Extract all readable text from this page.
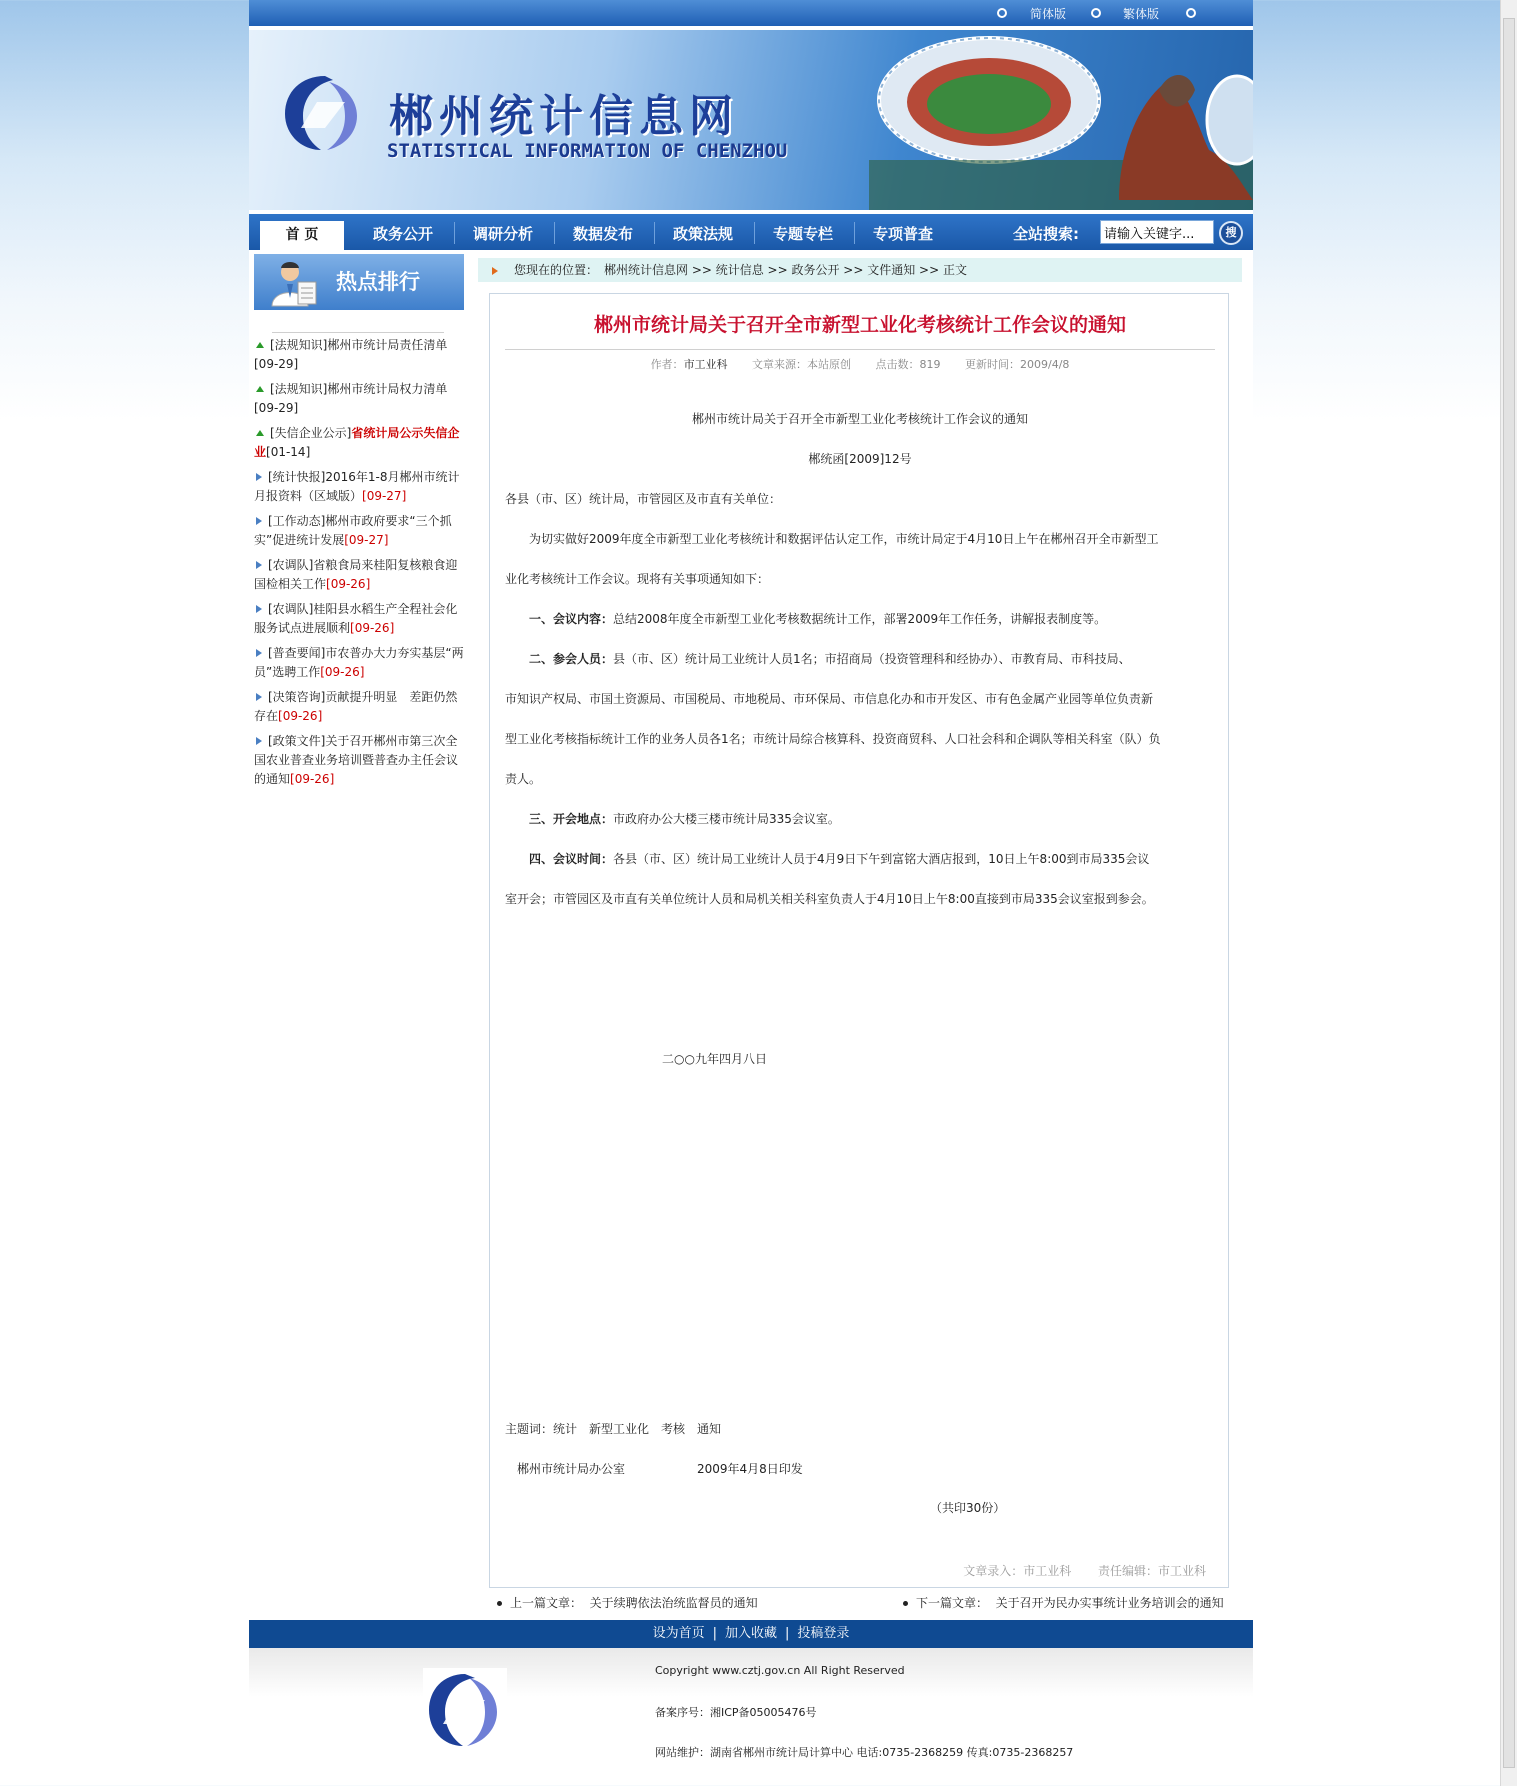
简体版	繁体版
郴州统计信息网
STATISTICAL INFORMATION OF CHENZHOU
首 页	政务公开	调研分析	数据发布	政策法规	专题专栏	专项普查	全站搜索:
请输入关键字...	搜
热点排行
[法规知识]郴州市统计局责任清单
[09-29]
[法规知识]郴州市统计局权力清单
[09-29]
[失信企业公示]省统计局公示失信企业[01-14]
[统计快报]2016年1-8月郴州市统计月报资料（区域版）[09-27]
[工作动态]郴州市政府要求“三个抓实”促进统计发展[09-27]
[农调队]省粮食局来桂阳复核粮食迎国检相关工作[09-26]
[农调队]桂阳县水稻生产全程社会化服务试点进展顺利[09-26]
[普查要闻]市农普办大力夯实基层“两员”选聘工作[09-26]
[决策咨询]贡献提升明显　差距仍然存在[09-26]
[政策文件]关于召开郴州市第三次全国农业普查业务培训暨普查办主任会议的通知[09-26]
您现在的位置：　郴州统计信息网 >> 统计信息 >> 政务公开 >> 文件通知 >> 正文
郴州市统计局关于召开全市新型工业化考核统计工作会议的通知
作者：市工业科 文章来源：本站原创 点击数：819 更新时间：2009/4/8

郴州市统计局关于召开全市新型工业化考核统计工作会议的通知

郴统函[2009]12号

各县（市、区）统计局，市管园区及市直有关单位：

　　为切实做好2009年度全市新型工业化考核统计和数据评估认定工作，市统计局定于4月10日上午在郴州召开全市新型工

业化考核统计工作会议。现将有关事项通知如下：

　　一、会议内容：总结2008年度全市新型工业化考核数据统计工作，部署2009年工作任务，讲解报表制度等。

　　二、参会人员：县（市、区）统计局工业统计人员1名；市招商局（投资管理科和经协办）、市教育局、市科技局、

市知识产权局、市国土资源局、市国税局、市地税局、市环保局、市信息化办和市开发区、市有色金属产业园等单位负责新

型工业化考核指标统计工作的业务人员各1名；市统计局综合核算科、投资商贸科、人口社会科和企调队等相关科室（队）负

责人。

　　三、开会地点：市政府办公大楼三楼市统计局335会议室。

　　四、会议时间：各县（市、区）统计局工业统计人员于4月9日下午到富铭大酒店报到，10日上午8:00到市局335会议

室开会；市管园区及市直有关单位统计人员和局机关相关科室负责人于4月10日上午8:00直接到市局335会议室报到参会。

二○○九年四月八日

主题词：统计　新型工业化　考核　通知

　郴州市统计局办公室　　　　　　2009年4月8日印发

（共印30份）

文章录入：市工业科 责任编辑：市工业科
上一篇文章： 关于续聘依法治统监督员的通知	下一篇文章： 关于召开为民办实事统计业务培训会的通知
设为首页 | 加入收藏 | 投稿登录
Copyright www.cztj.gov.cn All Right Reserved
备案序号：湘ICP备05005476号
网站维护：湖南省郴州市统计局计算中心 电话:0735-2368259 传真:0735-2368257
